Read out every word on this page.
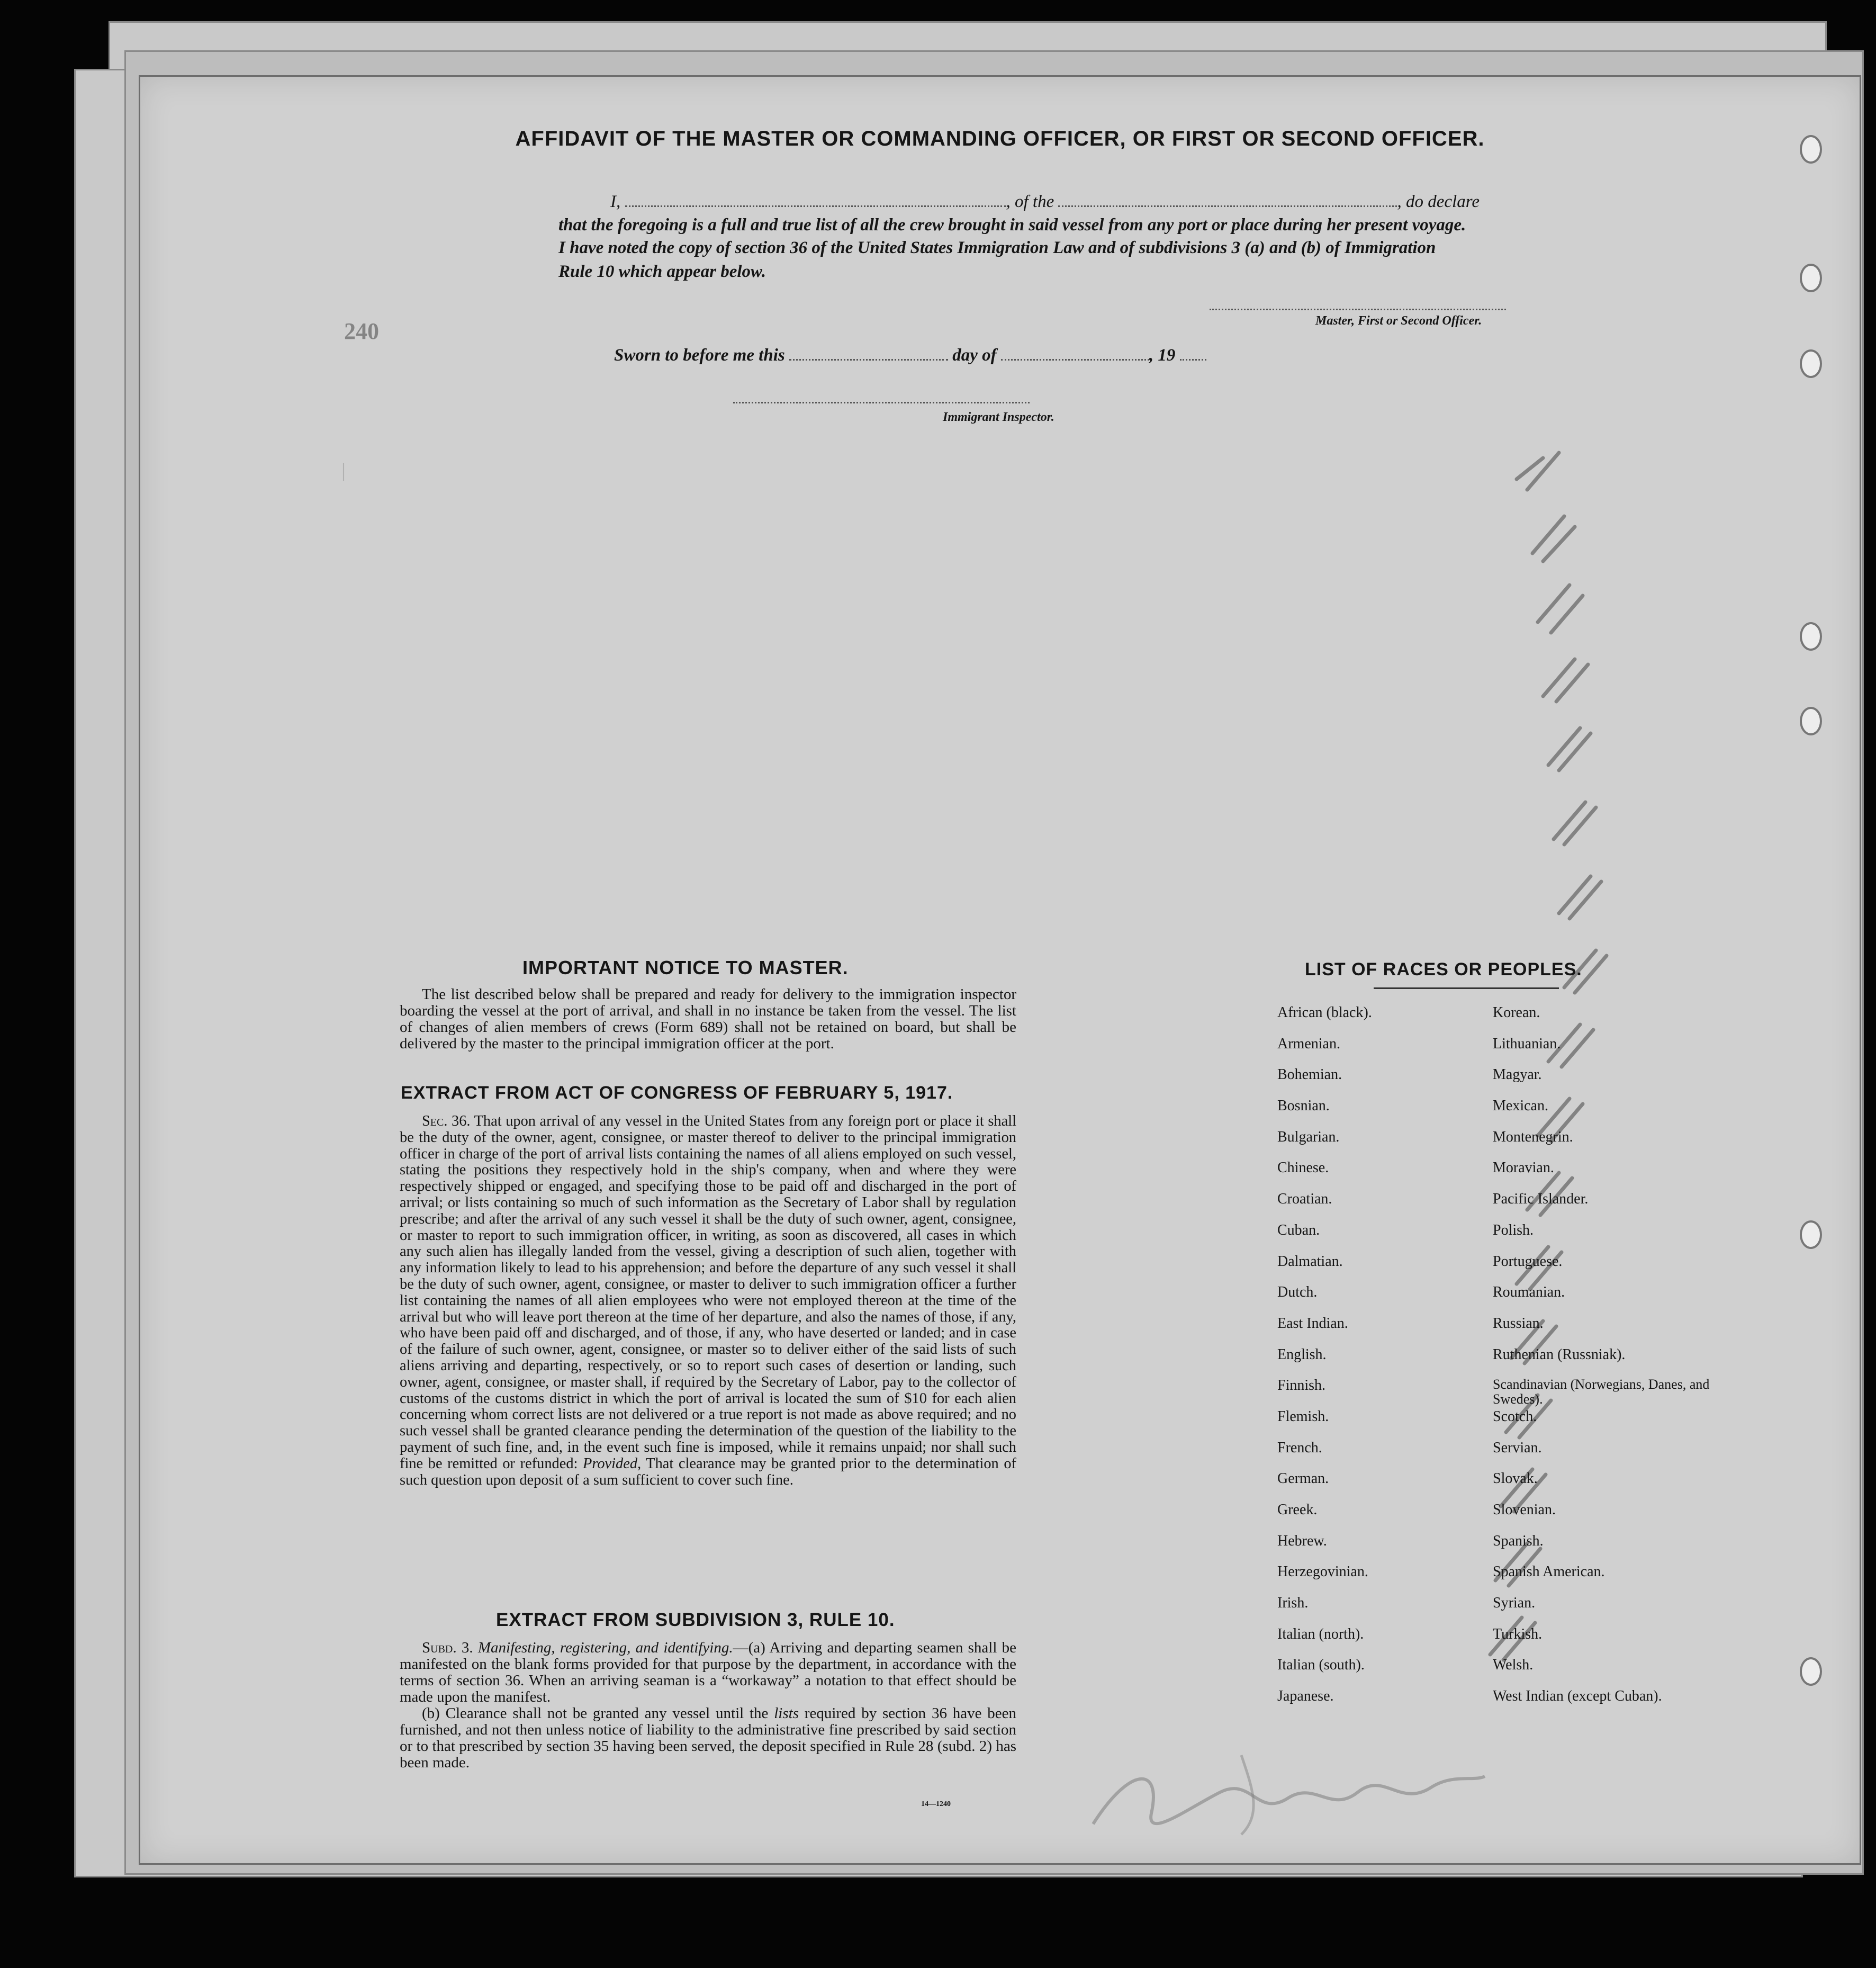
240
│
AFFIDAVIT OF THE MASTER OR COMMANDING OFFICER, OR FIRST OR SECOND OFFICER.
I,	, of the	, do declare
that the foregoing is a full and true list of all the crew brought in said vessel from any port or place during her present voyage.
I have noted the copy of section 36 of the United States Immigration Law and of subdivisions 3 (a) and (b) of Immigration
Rule 10 which appear below.
Master, First or Second Officer.
Sworn to before me this	day of	, 19
Immigrant Inspector.
IMPORTANT NOTICE TO MASTER.

The list described below shall be prepared and ready for delivery to the immigration inspector boarding the vessel at the port of arrival, and shall in no instance be taken from the vessel. The list of changes of alien members of crews (Form 689) shall not be retained on board, but shall be delivered by the master to the principal immigration officer at the port.

EXTRACT FROM ACT OF CONGRESS OF FEBRUARY 5, 1917.

Sec. 36. That upon arrival of any vessel in the United States from any foreign port or place it shall be the duty of the owner, agent, consignee, or master thereof to deliver to the principal immigration officer in charge of the port of arrival lists containing the names of all aliens employed on such vessel, stating the positions they respectively hold in the ship's company, when and where they were respectively shipped or engaged, and specifying those to be paid off and discharged in the port of arrival; or lists containing so much of such information as the Secretary of Labor shall by regulation prescribe; and after the arrival of any such vessel it shall be the duty of such owner, agent, consignee, or master to report to such immigration officer, in writing, as soon as discovered, all cases in which any such alien has illegally landed from the vessel, giving a description of such alien, together with any information likely to lead to his apprehension; and before the departure of any such vessel it shall be the duty of such owner, agent, consignee, or master to deliver to such immigration officer a further list containing the names of all alien employees who were not employed thereon at the time of the arrival but who will leave port thereon at the time of her departure, and also the names of those, if any, who have been paid off and discharged, and of those, if any, who have deserted or landed; and in case of the failure of such owner, agent, consignee, or master so to deliver either of the said lists of such aliens arriving and departing, respectively, or so to report such cases of desertion or landing, such owner, agent, consignee, or master shall, if required by the Secretary of Labor, pay to the collector of customs of the customs district in which the port of arrival is located the sum of $10 for each alien concerning whom correct lists are not delivered or a true report is not made as above required; and no such vessel shall be granted clearance pending the determination of the question of the liability to the payment of such fine, and, in the event such fine is imposed, while it remains unpaid; nor shall such fine be remitted or refunded: Provided, That clearance may be granted prior to the determination of such question upon deposit of a sum sufficient to cover such fine.

EXTRACT FROM SUBDIVISION 3, RULE 10.

Subd. 3. Manifesting, registering, and identifying.—(a) Arriving and departing seamen shall be manifested on the blank forms provided for that purpose by the department, in accordance with the terms of section 36. When an arriving seaman is a “workaway” a notation to that effect should be made upon the manifest.

(b) Clearance shall not be granted any vessel until the lists required by section 36 have been furnished, and not then unless notice of liability to the administrative fine prescribed by said section or to that prescribed by section 35 having been served, the deposit specified in Rule 28 (subd. 2) has been made.

14—1240
LIST OF RACES OR PEOPLES.
African (black).	Korean.
Armenian.	Lithuanian.
Bohemian.	Magyar.
Bosnian.	Mexican.
Bulgarian.	Montenegrin.
Chinese.	Moravian.
Croatian.	Pacific Islander.
Cuban.	Polish.
Dalmatian.	Portuguese.
Dutch.	Roumanian.
East Indian.	Russian.
English.	Ruthenian (Russniak).
Finnish.	Scandinavian (Norwegians, Danes, and Swedes).
Flemish.	Scotch.
French.	Servian.
German.	Slovak.
Greek.	Slovenian.
Hebrew.	Spanish.
Herzegovinian.	Spanish American.
Irish.	Syrian.
Italian (north).	Turkish.
Italian (south).	Welsh.
Japanese.	West Indian (except Cuban).
